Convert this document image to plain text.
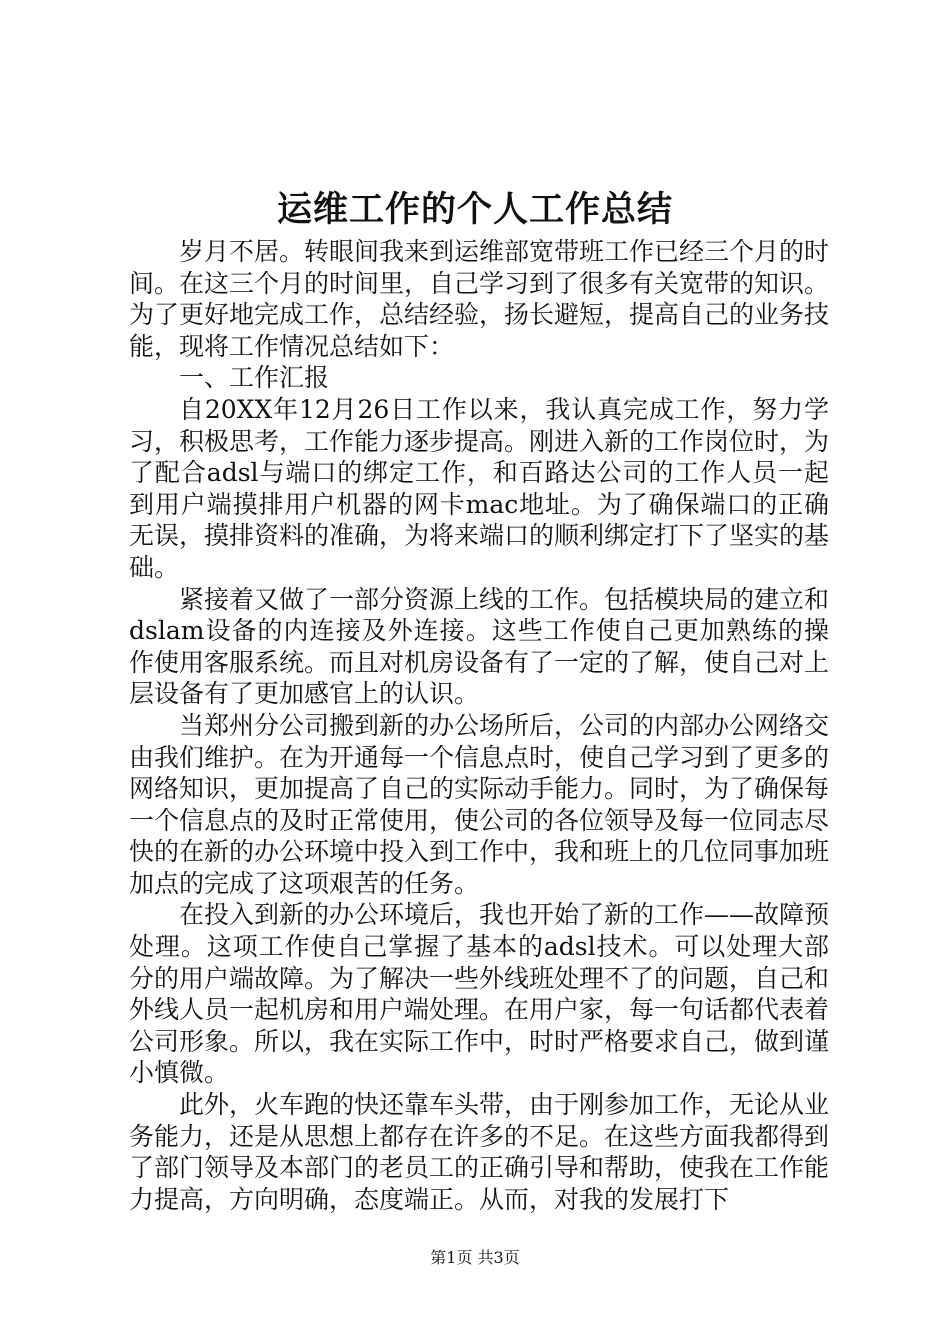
运维工作的个人工作总结

岁月不居。转眼间我来到运维部宽带班工作已经三个月的时间。在这三个月的时间里，自己学习到了很多有关宽带的知识。为了更好地完成工作，总结经验，扬长避短，提高自己的业务技能，现将工作情况总结如下：

一、工作汇报

自20XX年12月26日工作以来，我认真完成工作，努力学习，积极思考，工作能力逐步提高。刚进入新的工作岗位时，为了配合adsl与端口的绑定工作，和百路达公司的工作人员一起到用户端摸排用户机器的网卡mac地址。为了确保端口的正确无误，摸排资料的准确，为将来端口的顺利绑定打下了坚实的基础。

紧接着又做了一部分资源上线的工作。包括模块局的建立和dslam设备的内连接及外连接。这些工作使自己更加熟练的操作使用客服系统。而且对机房设备有了一定的了解，使自己对上层设备有了更加感官上的认识。

当郑州分公司搬到新的办公场所后，公司的内部办公网络交由我们维护。在为开通每一个信息点时，使自己学习到了更多的网络知识，更加提高了自己的实际动手能力。同时，为了确保每一个信息点的及时正常使用，使公司的各位领导及每一位同志尽快的在新的办公环境中投入到工作中，我和班上的几位同事加班加点的完成了这项艰苦的任务。

在投入到新的办公环境后，我也开始了新的工作——故障预处理。这项工作使自己掌握了基本的adsl技术。可以处理大部分的用户端故障。为了解决一些外线班处理不了的问题，自己和外线人员一起机房和用户端处理。在用户家，每一句话都代表着公司形象。所以，我在实际工作中，时时严格要求自己，做到谨小慎微。

此外，火车跑的快还靠车头带，由于刚参加工作，无论从业务能力，还是从思想上都存在许多的不足。在这些方面我都得到了部门领导及本部门的老员工的正确引导和帮助，使我在工作能力提高，方向明确，态度端正。从而，对我的发展打下

第1页 共3页
